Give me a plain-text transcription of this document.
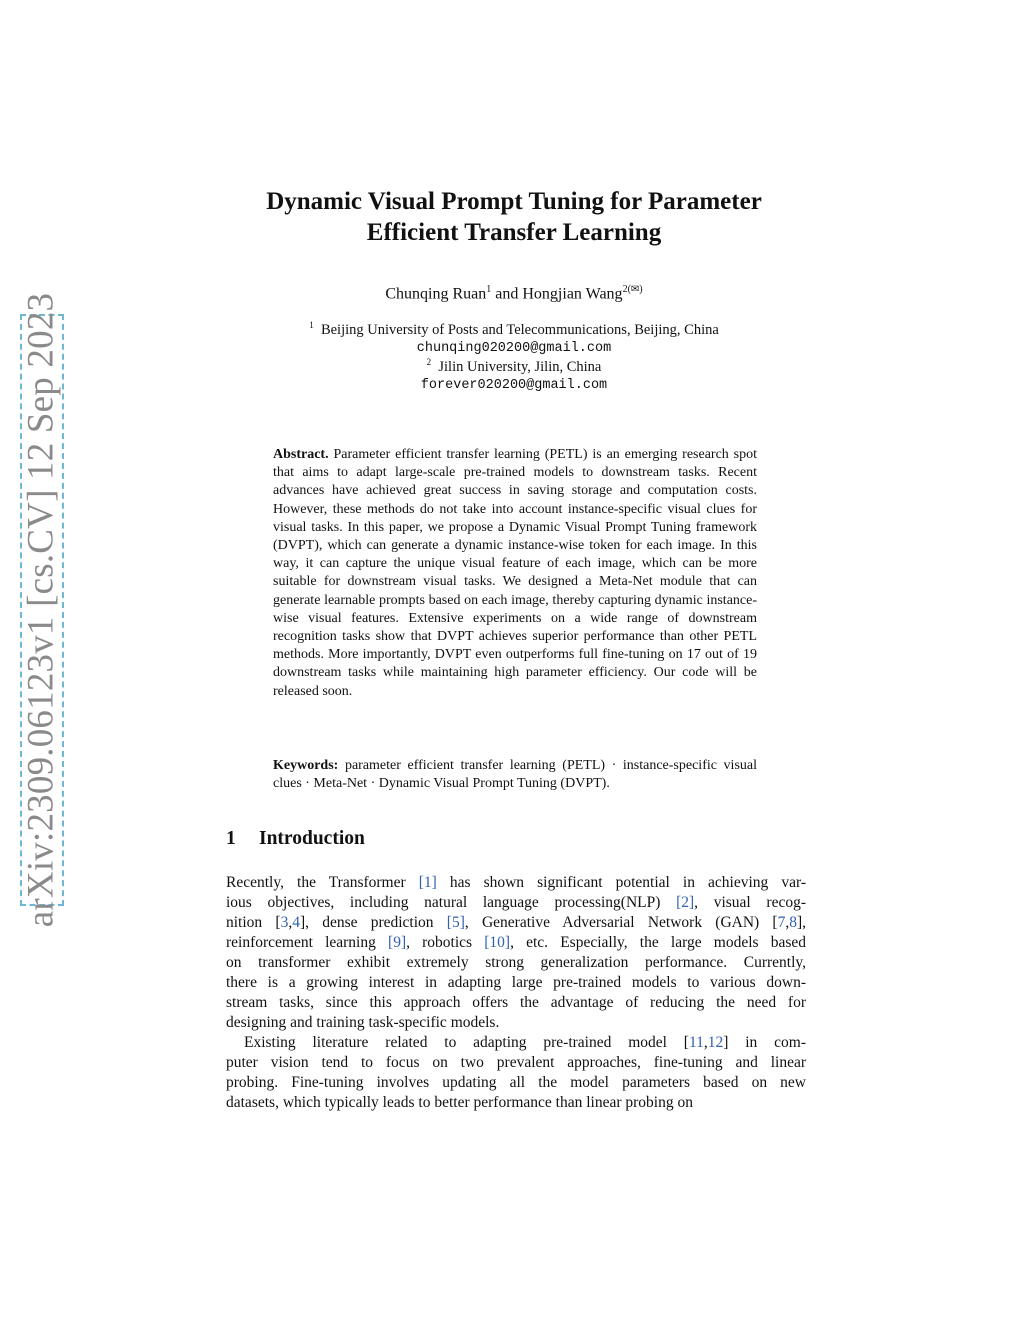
arXiv:2309.06123v1 [cs.CV] 12 Sep 2023
Dynamic Visual Prompt Tuning for Parameter
Efficient Transfer Learning
Chunqing Ruan$^1$ and Hongjian Wang$^{2(✉)}$
$^1$ Beijing University of Posts and Telecommunications, Beijing, China
chunqing020200@gmail.com
$^2$ Jilin University, Jilin, China
forever020200@gmail.com
Abstract. Parameter efficient transfer learning (PETL) is an emerging research spot that aims to adapt large-scale pre-trained models to downstream tasks. Recent advances have achieved great success in saving storage and computation costs. However, these methods do not take into account instance-specific visual clues for visual tasks. In this paper, we propose a Dynamic Visual Prompt Tuning framework (DVPT), which can generate a dynamic instance-wise token for each image. In this way, it can capture the unique visual feature of each image, which can be more suitable for downstream visual tasks. We designed a Meta-Net module that can generate learnable prompts based on each image, thereby capturing dynamic instance-wise visual features. Extensive experiments on a wide range of downstream recognition tasks show that DVPT achieves superior performance than other PETL methods. More importantly, DVPT even outperforms full fine-tuning on 17 out of 19 downstream tasks while maintaining high parameter efficiency. Our code will be released soon.
Keywords: parameter efficient transfer learning (PETL) · instance-specific visual clues · Meta-Net · Dynamic Visual Prompt Tuning (DVPT).
1 Introduction
Recently, the Transformer [1] has shown significant potential in achieving var-
ious objectives, including natural language processing(NLP) [2], visual recog-
nition [3,4], dense prediction [5], Generative Adversarial Network (GAN) [7,8],
reinforcement learning [9], robotics [10], etc. Especially, the large models based
on transformer exhibit extremely strong generalization performance. Currently,
there is a growing interest in adapting large pre-trained models to various down-
stream tasks, since this approach offers the advantage of reducing the need for
designing and training task-specific models.
Existing literature related to adapting pre-trained model [11,12] in com-
puter vision tend to focus on two prevalent approaches, fine-tuning and linear
probing. Fine-tuning involves updating all the model parameters based on new
datasets, which typically leads to better performance than linear probing on
